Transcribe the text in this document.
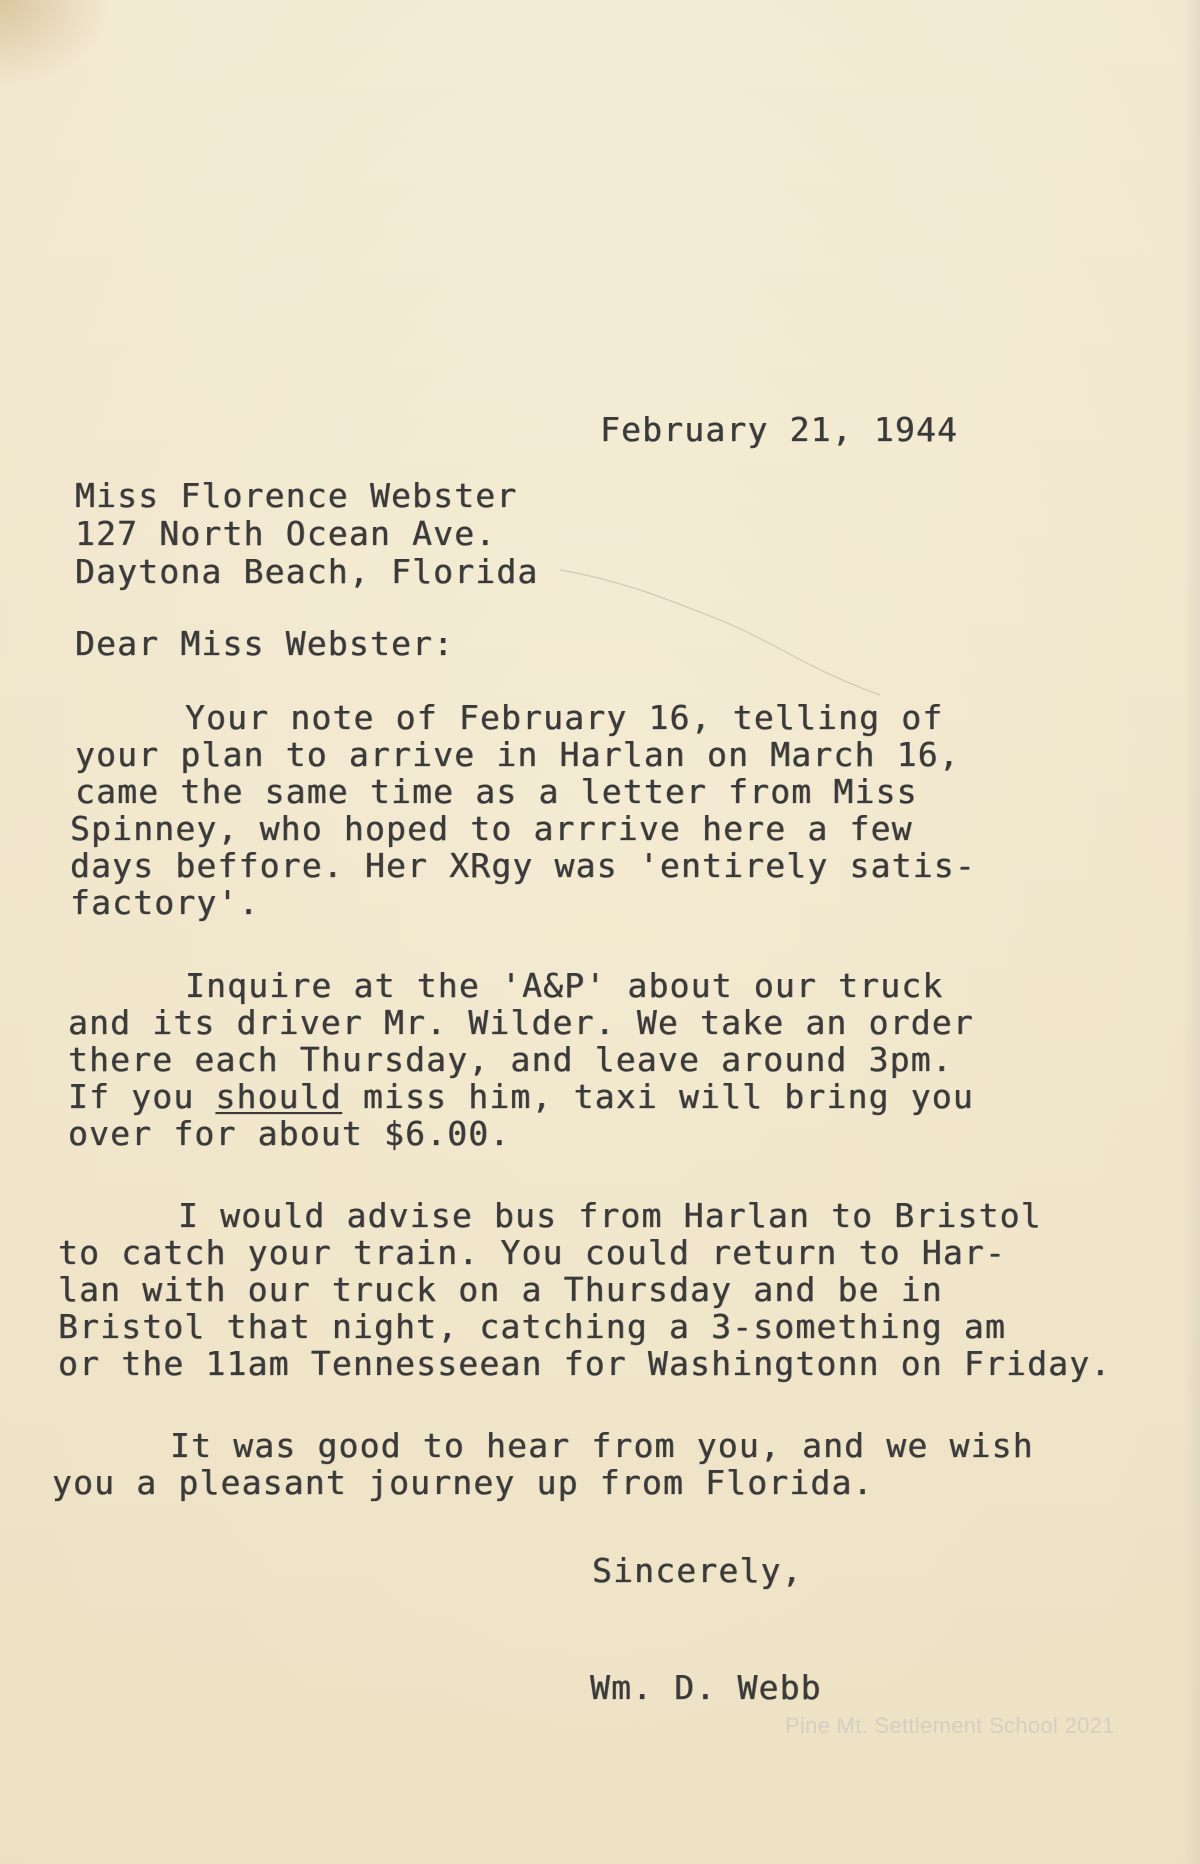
February 21, 1944
Miss Florence Webster
127 North Ocean Ave.
Daytona Beach, Florida
Dear Miss Webster:
Your note of February 16, telling of
your plan to arrive in Harlan on March 16,
came the same time as a letter from Miss
Spinney, who hoped to arrrive here a few
days beffore. Her XRgy was 'entirely satis-
factory'.
Inquire at the 'A&P' about our truck
and its driver Mr. Wilder. We take an order
there each Thursday, and leave around 3pm.
If you should miss him, taxi will bring you
over for about $6.00.
I would advise bus from Harlan to Bristol
to catch your train. You could return to Har-
lan with our truck on a Thursday and be in
Bristol that night, catching a 3-something am
or the 11am Tennesseean for Washingtonn on Friday.
It was good to hear from you, and we wish
you a pleasant journey up from Florida.
Sincerely,
Wm. D. Webb
Pine Mt. Settlement School 2021
